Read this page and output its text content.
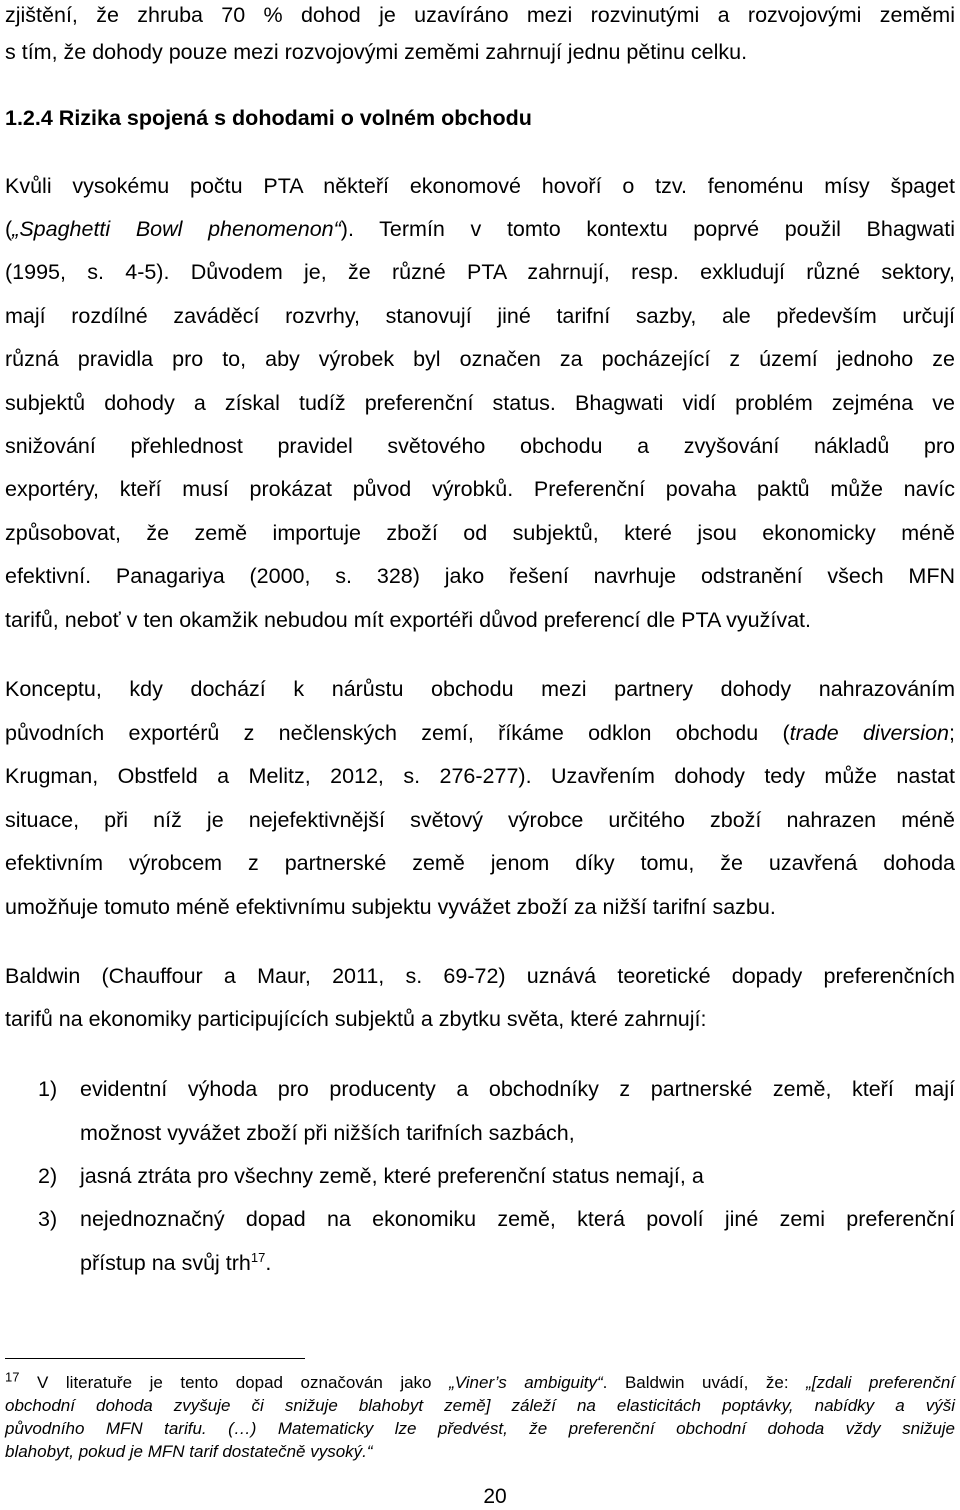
zjištění, že zhruba 70 % dohod je uzavíráno mezi rozvinutými a rozvojovými zeměmi

s tím, že dohody pouze mezi rozvojovými zeměmi zahrnují jednu pětinu celku.

1.2.4 Rizika spojená s dohodami o volném obchodu

Kvůli vysokému počtu PTA někteří ekonomové hovoří o tzv. fenoménu mísy špaget

(„Spaghetti Bowl phenomenon“). Termín v tomto kontextu poprvé použil Bhagwati

(1995, s. 4-5). Důvodem je, že různé PTA zahrnují, resp. exkludují různé sektory,

mají rozdílné zaváděcí rozvrhy, stanovují jiné tarifní sazby, ale především určují

různá pravidla pro to, aby výrobek byl označen za pocházející z území jednoho ze

subjektů dohody a získal tudíž preferenční status. Bhagwati vidí problém zejména ve

snižování přehlednost pravidel světového obchodu a zvyšování nákladů pro

exportéry, kteří musí prokázat původ výrobků. Preferenční povaha paktů může navíc

způsobovat, že země importuje zboží od subjektů, které jsou ekonomicky méně

efektivní. Panagariya (2000, s. 328) jako řešení navrhuje odstranění všech MFN

tarifů, neboť v ten okamžik nebudou mít exportéři důvod preferencí dle PTA využívat.

Konceptu, kdy dochází k nárůstu obchodu mezi partnery dohody nahrazováním

původních exportérů z nečlenských zemí, říkáme odklon obchodu (trade diversion;

Krugman, Obstfeld a Melitz, 2012, s. 276-277). Uzavřením dohody tedy může nastat

situace, při níž je nejefektivnější světový výrobce určitého zboží nahrazen méně

efektivním výrobcem z partnerské země jenom díky tomu, že uzavřená dohoda

umožňuje tomuto méně efektivnímu subjektu vyvážet zboží za nižší tarifní sazbu.

Baldwin (Chauffour a Maur, 2011, s. 69-72) uznává teoretické dopady preferenčních

tarifů na ekonomiky participujících subjektů a zbytku světa, které zahrnují:

1) evidentní výhoda pro producenty a obchodníky z partnerské země, kteří mají

možnost vyvážet zboží při nižších tarifních sazbách,

2) jasná ztráta pro všechny země, které preferenční status nemají, a

3) nejednoznačný dopad na ekonomiku země, která povolí jiné zemi preferenční

přístup na svůj trh$^{17}$.

$^{17}$ V literatuře je tento dopad označován jako „Viner’s ambiguity“. Baldwin uvádí, že: „[zdali preferenční

obchodní dohoda zvyšuje či snižuje blahobyt země] záleží na elasticitách poptávky, nabídky a výši

původního MFN tarifu. (…) Matematicky lze předvést, že preferenční obchodní dohoda vždy snižuje

blahobyt, pokud je MFN tarif dostatečně vysoký.“

20
